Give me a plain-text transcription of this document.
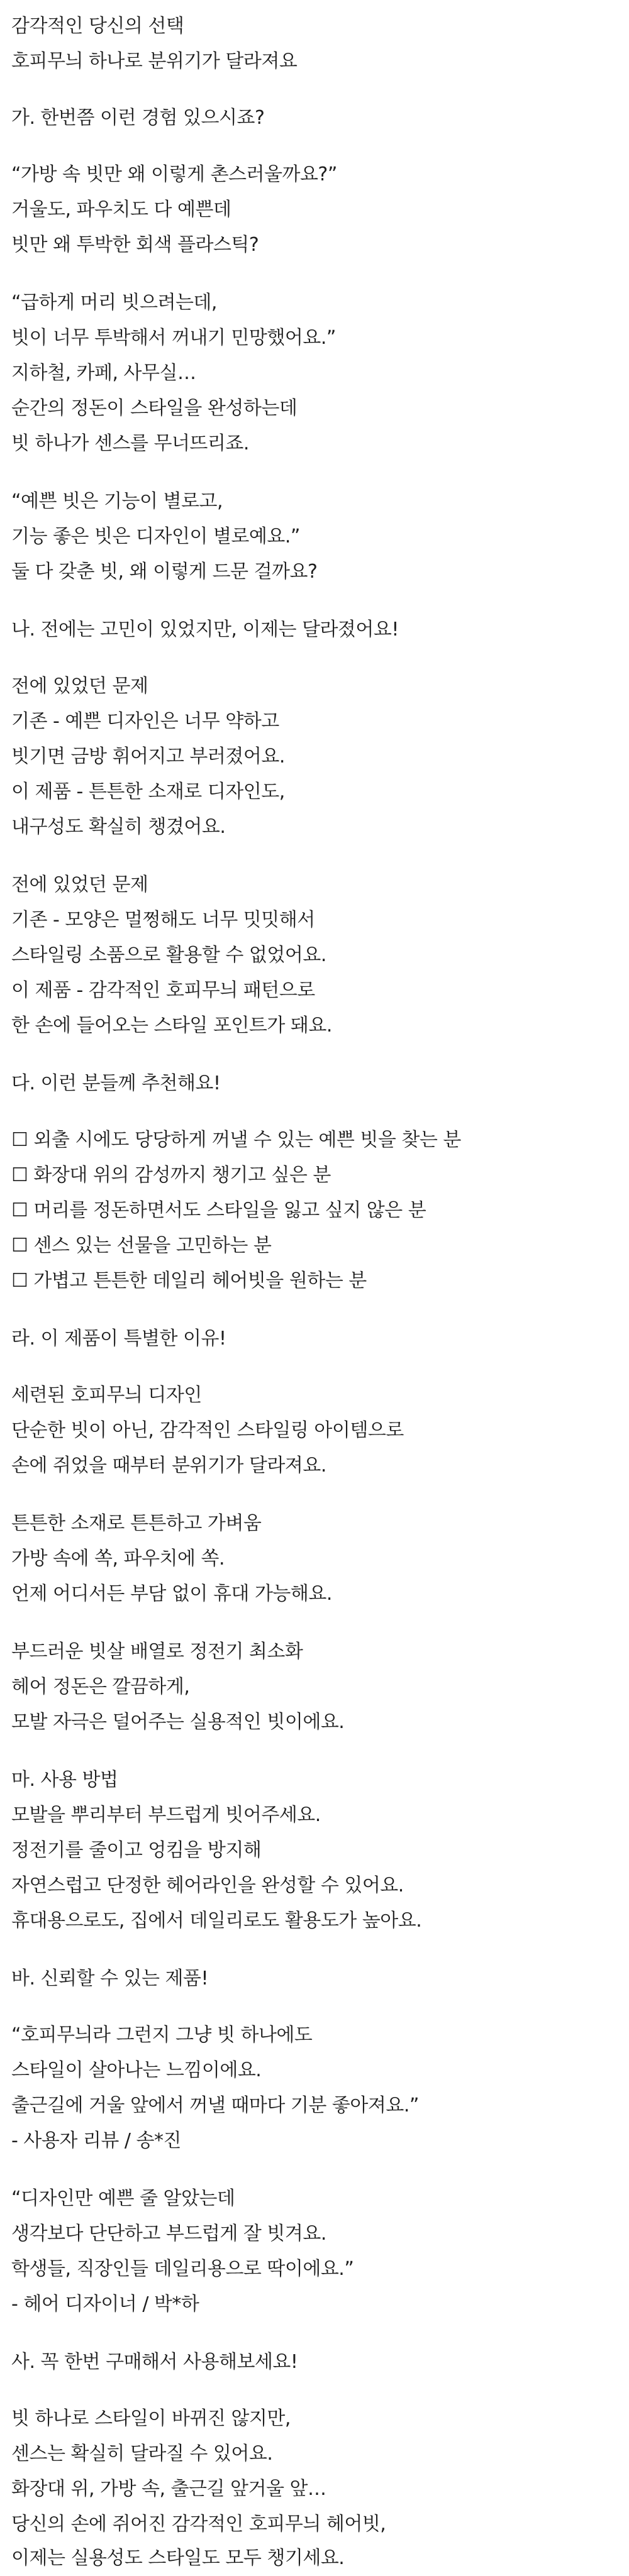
감각적인 당신의 선택
호피무늬 하나로 분위기가 달라져요
가. 한번쯤 이런 경험 있으시죠?
“가방 속 빗만 왜 이렇게 촌스러울까요?”
거울도, 파우치도 다 예쁜데
빗만 왜 투박한 회색 플라스틱?
“급하게 머리 빗으려는데,
빗이 너무 투박해서 꺼내기 민망했어요.”
지하철, 카페, 사무실…
순간의 정돈이 스타일을 완성하는데
빗 하나가 센스를 무너뜨리죠.
“예쁜 빗은 기능이 별로고,
기능 좋은 빗은 디자인이 별로예요.”
둘 다 갖춘 빗, 왜 이렇게 드문 걸까요?
나. 전에는 고민이 있었지만, 이제는 달라졌어요!
전에 있었던 문제
기존 - 예쁜 디자인은 너무 약하고
빗기면 금방 휘어지고 부러졌어요.
이 제품 - 튼튼한 소재로 디자인도,
내구성도 확실히 챙겼어요.
전에 있었던 문제
기존 - 모양은 멀쩡해도 너무 밋밋해서
스타일링 소품으로 활용할 수 없었어요.
이 제품 - 감각적인 호피무늬 패턴으로
한 손에 들어오는 스타일 포인트가 돼요.
다. 이런 분들께 추천해요!
☐ 외출 시에도 당당하게 꺼낼 수 있는 예쁜 빗을 찾는 분
☐ 화장대 위의 감성까지 챙기고 싶은 분
☐ 머리를 정돈하면서도 스타일을 잃고 싶지 않은 분
☐ 센스 있는 선물을 고민하는 분
☐ 가볍고 튼튼한 데일리 헤어빗을 원하는 분
라. 이 제품이 특별한 이유!
세련된 호피무늬 디자인
단순한 빗이 아닌, 감각적인 스타일링 아이템으로
손에 쥐었을 때부터 분위기가 달라져요.
튼튼한 소재로 튼튼하고 가벼움
가방 속에 쏙, 파우치에 쏙.
언제 어디서든 부담 없이 휴대 가능해요.
부드러운 빗살 배열로 정전기 최소화
헤어 정돈은 깔끔하게,
모발 자극은 덜어주는 실용적인 빗이에요.
마. 사용 방법
모발을 뿌리부터 부드럽게 빗어주세요.
정전기를 줄이고 엉킴을 방지해
자연스럽고 단정한 헤어라인을 완성할 수 있어요.
휴대용으로도, 집에서 데일리로도 활용도가 높아요.
바. 신뢰할 수 있는 제품!
“호피무늬라 그런지 그냥 빗 하나에도
스타일이 살아나는 느낌이에요.
출근길에 거울 앞에서 꺼낼 때마다 기분 좋아져요.”
- 사용자 리뷰 / 송*진
“디자인만 예쁜 줄 알았는데
생각보다 단단하고 부드럽게 잘 빗겨요.
학생들, 직장인들 데일리용으로 딱이에요.”
- 헤어 디자이너 / 박*하
사. 꼭 한번 구매해서 사용해보세요!
빗 하나로 스타일이 바뀌진 않지만,
센스는 확실히 달라질 수 있어요.
화장대 위, 가방 속, 출근길 앞거울 앞…
당신의 손에 쥐어진 감각적인 호피무늬 헤어빗,
이제는 실용성도 스타일도 모두 챙기세요.
